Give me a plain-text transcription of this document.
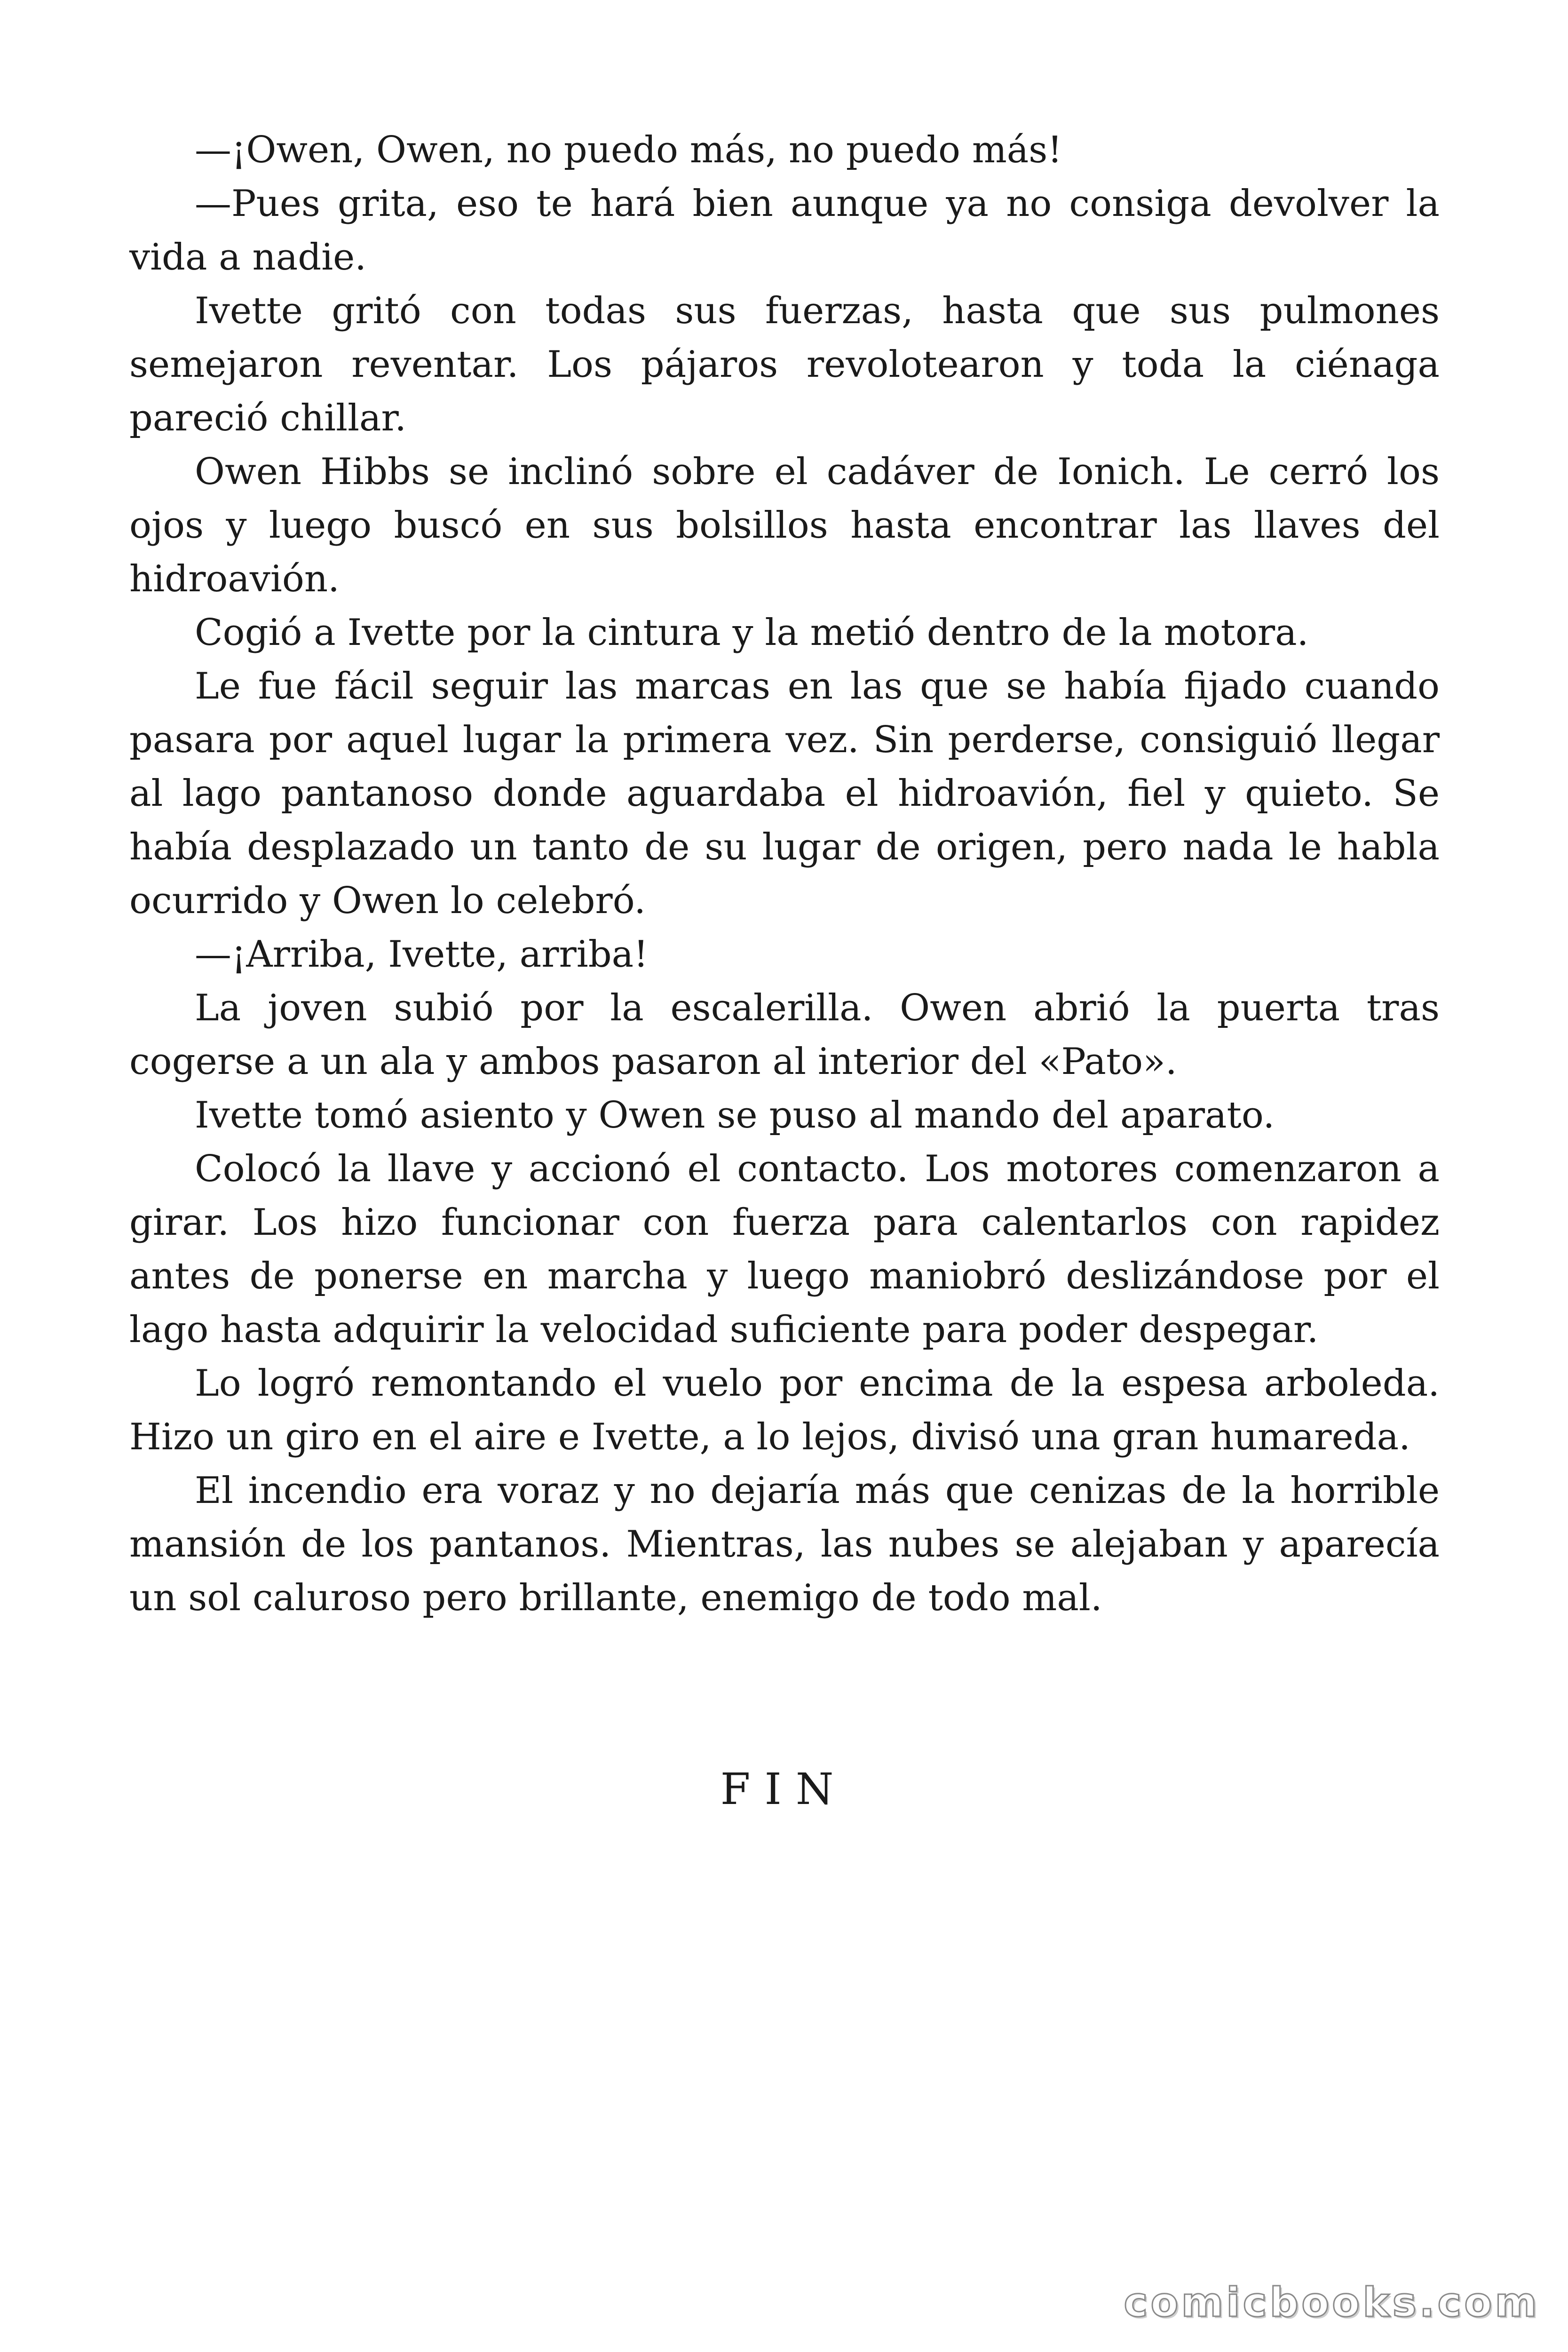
—¡Owen, Owen, no puedo más, no puedo más!

—Pues grita, eso te hará bien aunque ya no consiga devolver la vida a nadie.

Ivette gritó con todas sus fuerzas, hasta que sus pulmones semejaron reventar. Los pájaros revolotearon y toda la ciénaga pareció chillar.

Owen Hibbs se inclinó sobre el cadáver de Ionich. Le cerró los ojos y luego buscó en sus bolsillos hasta encontrar las llaves del hidroavión.

Cogió a Ivette por la cintura y la metió dentro de la motora.

Le fue fácil seguir las marcas en las que se había fijado cuando pasara por aquel lugar la primera vez. Sin perderse, consiguió llegar al lago pantanoso donde aguardaba el hidroavión, fiel y quieto. Se había desplazado un tanto de su lugar de origen, pero nada le habla ocurrido y Owen lo celebró.

—¡Arriba, Ivette, arriba!

La joven subió por la escalerilla. Owen abrió la puerta tras cogerse a un ala y ambos pasaron al interior del «Pato».

Ivette tomó asiento y Owen se puso al mando del aparato.

Colocó la llave y accionó el contacto. Los motores comenzaron a girar. Los hizo funcionar con fuerza para calentarlos con rapidez antes de ponerse en marcha y luego maniobró deslizándose por el lago hasta adquirir la velocidad suficiente para poder despegar.

Lo logró remontando el vuelo por encima de la espesa arboleda. Hizo un giro en el aire e Ivette, a lo lejos, divisó una gran humareda.

El incendio era voraz y no dejaría más que cenizas de la horrible mansión de los pantanos. Mientras, las nubes se alejaban y aparecía un sol caluroso pero brillante, enemigo de todo mal.

FIN
comicbooks.com
